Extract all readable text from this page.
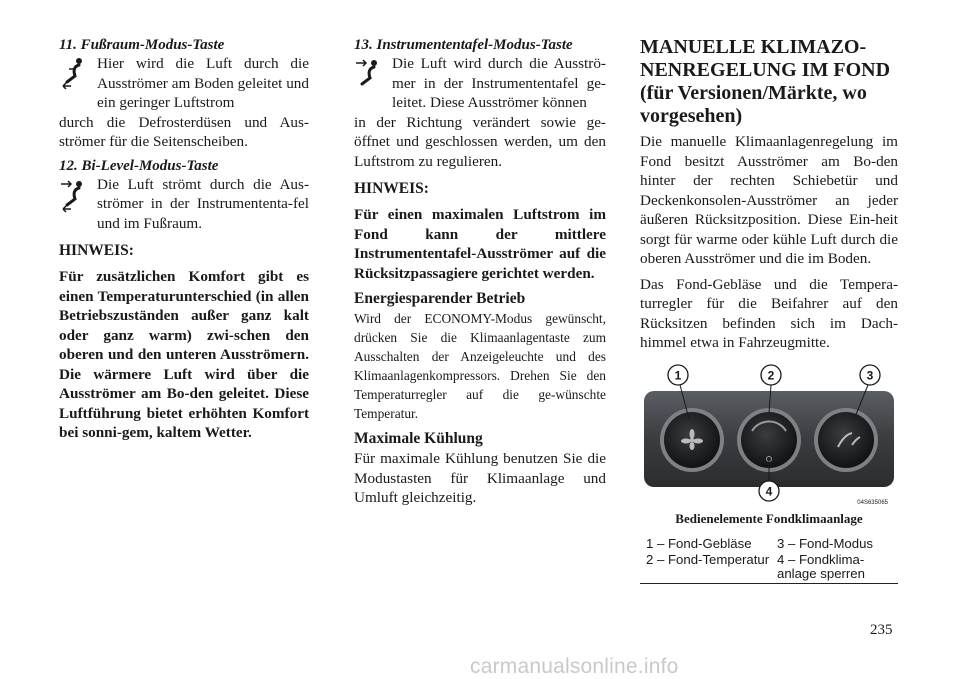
11. Fußraum-Modus-Taste

Hier wird die Luft durch die Ausströmer am Boden geleitet und ein geringer Luftstrom

durch die Defrosterdüsen und Aus-strömer für die Seitenscheiben.

12. Bi-Level-Modus-Taste

Die Luft strömt durch die Aus-strömer in der Instrumententa-fel und im Fußraum.

HINWEIS:

Für zusätzlichen Komfort gibt es einen Temperaturunterschied (in allen Betriebszuständen außer ganz kalt oder ganz warm) zwi-schen den oberen und den unteren Ausströmern. Die wärmere Luft wird über die Ausströmer am Bo-den geleitet. Diese Luftführung bietet erhöhten Komfort bei sonni-gem, kaltem Wetter.

13. Instrumententafel-Modus-Taste

Die Luft wird durch die Ausströ-mer in der Instrumententafel ge-leitet. Diese Ausströmer können

in der Richtung verändert sowie ge-öffnet und geschlossen werden, um den Luftstrom zu regulieren.

HINWEIS:

Für einen maximalen Luftstrom im Fond kann der mittlere Instrumententafel-Ausströmer auf die Rücksitzpassagiere gerichtet werden.

Energiesparender Betrieb

Wird der ECONOMY-Modus gewünscht, drücken Sie die Klimaanlagentaste zum Ausschalten der Anzeigeleuchte und des Klimaanlagenkompressors. Drehen Sie den Temperaturregler auf die ge-wünschte Temperatur.

Maximale Kühlung

Für maximale Kühlung benutzen Sie die Modustasten für Klimaanlage und Umluft gleichzeitig.

MANUELLE KLIMAZO-NENREGELUNG IM FOND (für Versionen/Märkte, wo vorgesehen)

Die manuelle Klimaanlagenregelung im Fond besitzt Ausströmer am Bo-den hinter der rechten Schiebetür und Deckenkonsolen-Ausströmer an jeder äußeren Rücksitzposition. Diese Ein-heit sorgt für warme oder kühle Luft durch die oberen Ausströmer und die im Boden.

Das Fond-Gebläse und die Tempera-turregler für die Beifahrer auf den Rücksitzen befinden sich im Dach-himmel etwa in Fahrzeugmitte.

1	2	3
4
04S635065

Bedienelemente Fondklimaanlage

1 – Fond-Gebläse	3 – Fond-Modus
2 – Fond-Temperatur	4 – Fondklima-anlage sperren
235
carmanualsonline.info
